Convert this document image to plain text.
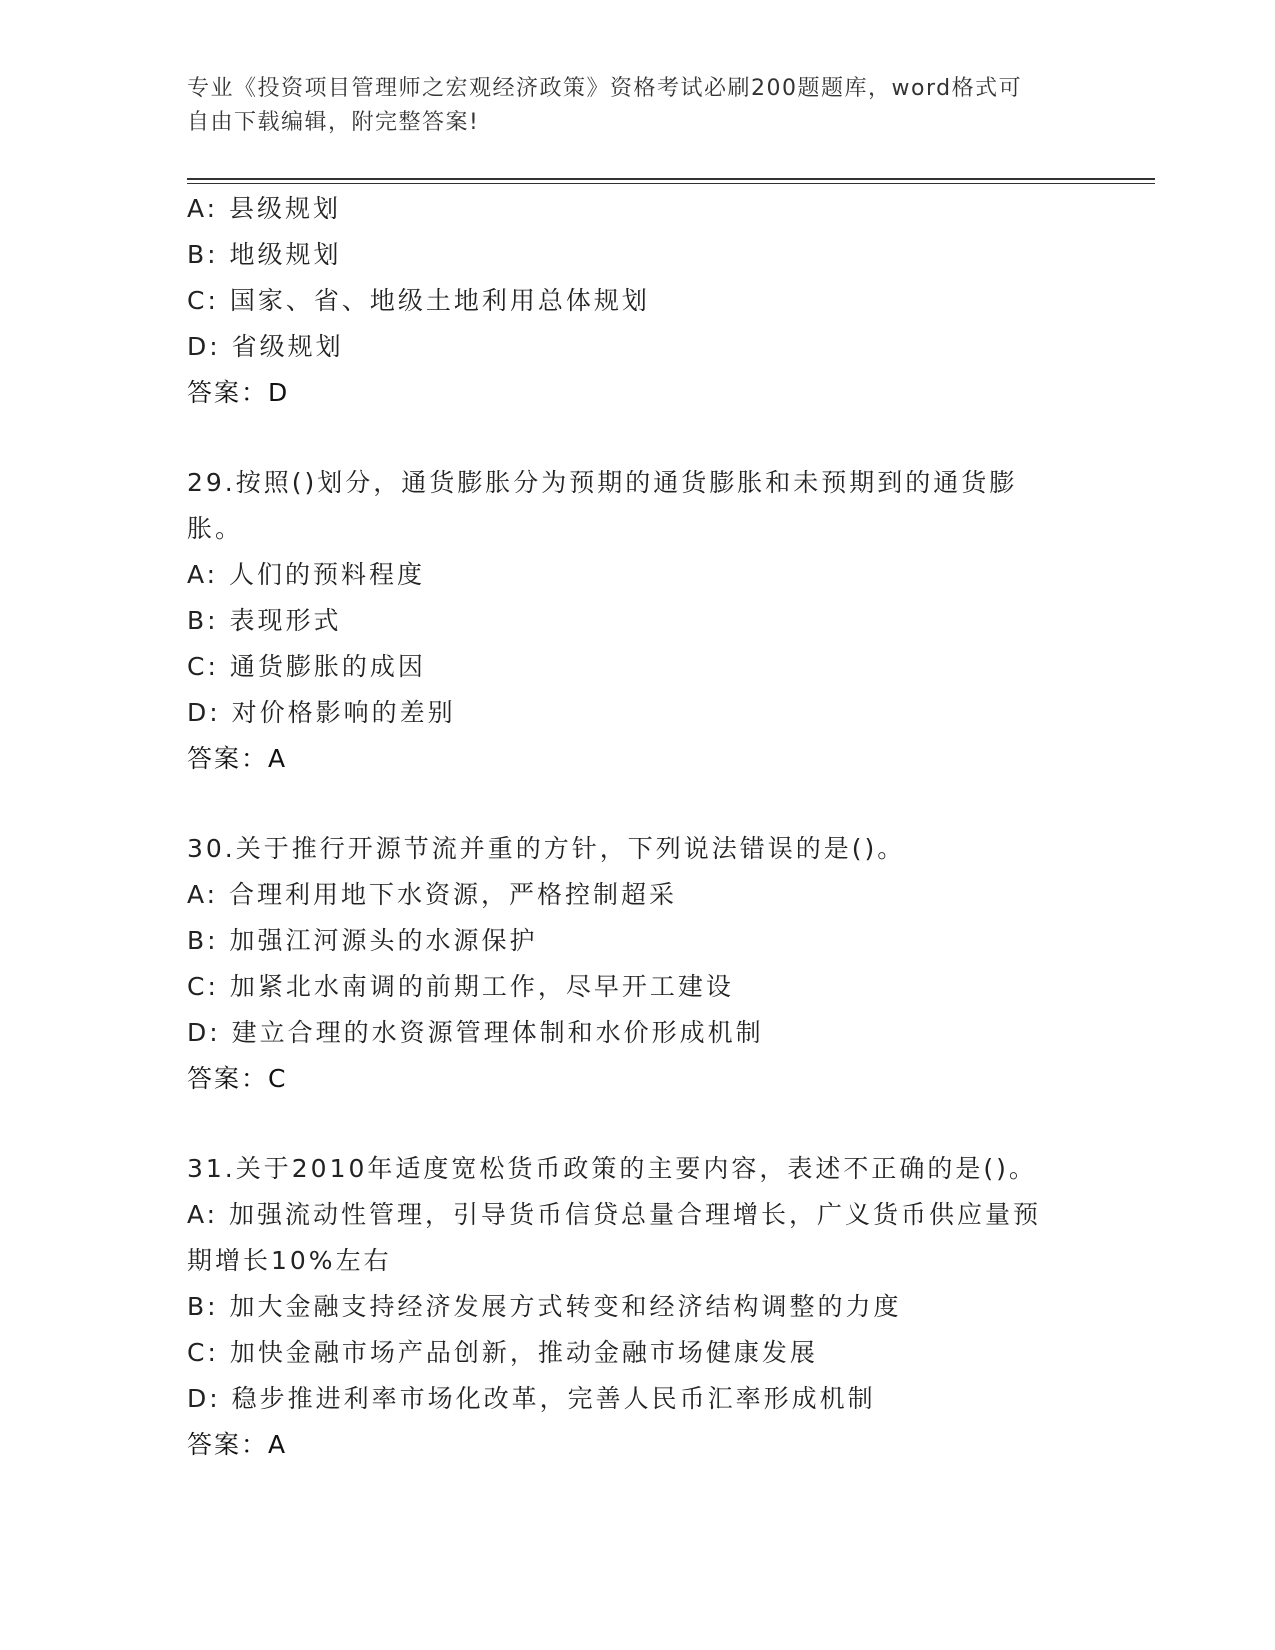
专业《投资项目管理师之宏观经济政策》资格考试必刷200题题库，word格式可
自由下载编辑，附完整答案!
A: 县级规划
B: 地级规划
C: 国家、省、地级土地利用总体规划
D: 省级规划
答案：D
29.按照()划分，通货膨胀分为预期的通货膨胀和未预期到的通货膨胀。
A: 人们的预料程度
B: 表现形式
C: 通货膨胀的成因
D: 对价格影响的差别
答案：A
30.关于推行开源节流并重的方针，下列说法错误的是()。
A: 合理利用地下水资源，严格控制超采
B: 加强江河源头的水源保护
C: 加紧北水南调的前期工作，尽早开工建设
D: 建立合理的水资源管理体制和水价形成机制
答案：C
31.关于2010年适度宽松货币政策的主要内容，表述不正确的是()。
A: 加强流动性管理，引导货币信贷总量合理增长，广义货币供应量预期增长10%左右
B: 加大金融支持经济发展方式转变和经济结构调整的力度
C: 加快金融市场产品创新，推动金融市场健康发展
D: 稳步推进利率市场化改革，完善人民币汇率形成机制
答案：A
